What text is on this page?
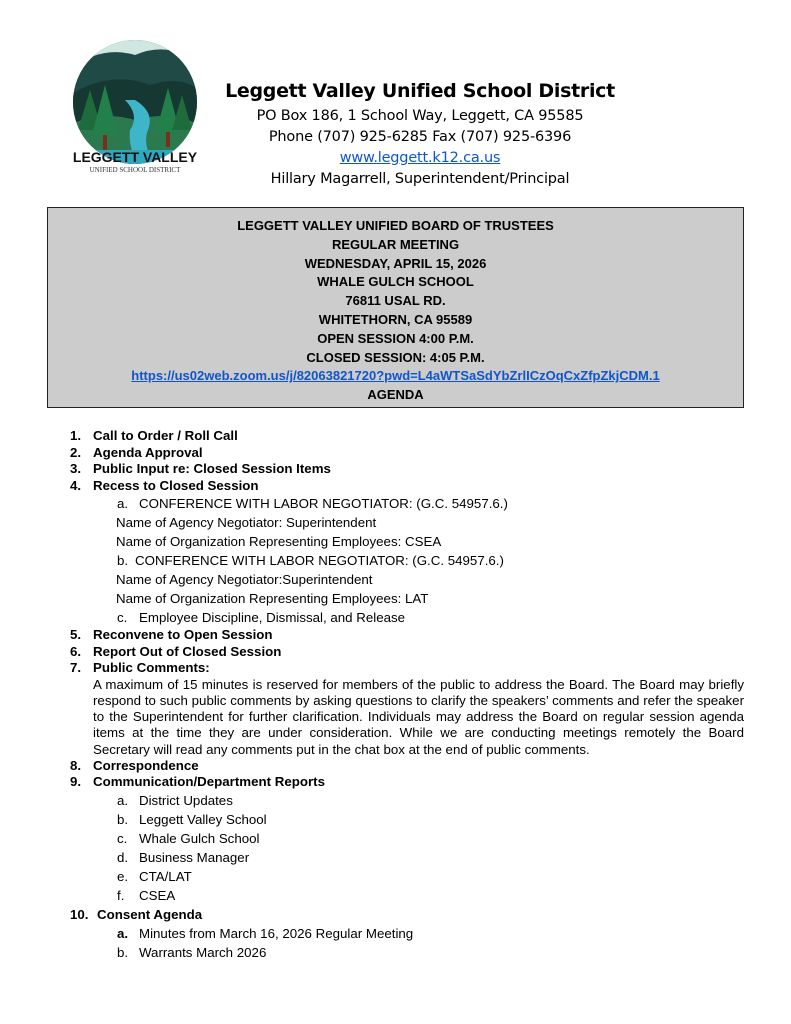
LEGGETT VALLEY
UNIFIED SCHOOL DISTRICT
Leggett Valley Unified School District
PO Box 186, 1 School Way, Leggett, CA 95585
Phone (707) 925-6285 Fax (707) 925-6396
www.leggett.k12.ca.us
Hillary Magarrell, Superintendent/Principal
LEGGETT VALLEY UNIFIED BOARD OF TRUSTEES
REGULAR MEETING
WEDNESDAY, APRIL 15, 2026
WHALE GULCH SCHOOL
76811 USAL RD.
WHITETHORN, CA 95589
OPEN SESSION 4:00 P.M.
CLOSED SESSION: 4:05 P.M.
https://us02web.zoom.us/j/82063821720?pwd=L4aWTSaSdYbZrlICzOqCxZfpZkjCDM.1
AGENDA
1. Call to Order / Roll Call
2. Agenda Approval
3. Public Input re: Closed Session Items
4. Recess to Closed Session
a. CONFERENCE WITH LABOR NEGOTIATOR: (G.C. 54957.6.)
Name of Agency Negotiator: Superintendent
Name of Organization Representing Employees: CSEA
b. CONFERENCE WITH LABOR NEGOTIATOR: (G.C. 54957.6.)
Name of Agency Negotiator:Superintendent
Name of Organization Representing Employees: LAT
c. Employee Discipline, Dismissal, and Release
5. Reconvene to Open Session
6. Report Out of Closed Session
7. Public Comments:
A maximum of 15 minutes is reserved for members of the public to address the Board. The Board may briefly respond to such public comments by asking questions to clarify the speakers’ comments and refer the speaker to the Superintendent for further clarification. Individuals may address the Board on regular session agenda items at the time they are under consideration. While we are conducting meetings remotely the Board Secretary will read any comments put in the chat box at the end of public comments.
8. Correspondence
9. Communication/Department Reports
a. District Updates
b. Leggett Valley School
c. Whale Gulch School
d. Business Manager
e. CTA/LAT
f. CSEA
10. Consent Agenda
a. Minutes from March 16, 2026 Regular Meeting
b. Warrants March 2026
